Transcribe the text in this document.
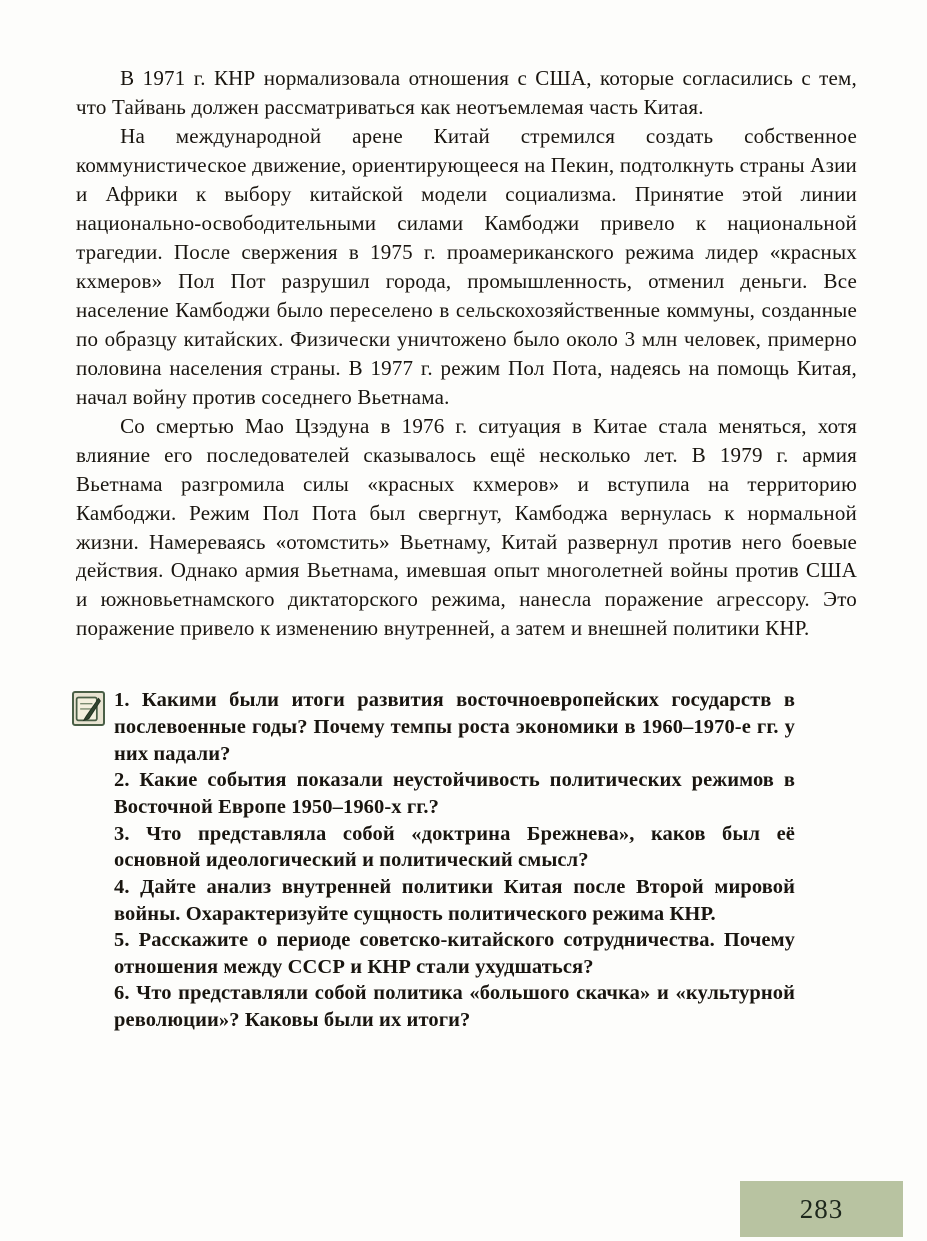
В 1971 г. КНР нормализовала отношения с США, которые согласились с тем, что Тайвань должен рассматриваться как неотъемлемая часть Китая.

На международной арене Китай стремился создать собственное коммунистическое движение, ориентирующееся на Пекин, подтолкнуть страны Азии и Африки к выбору китайской модели социализма. Принятие этой линии национально-освободительными силами Камбоджи привело к национальной трагедии. После свержения в 1975 г. проамериканского режима лидер «красных кхмеров» Пол Пот разрушил города, промышленность, отменил деньги. Все население Камбоджи было переселено в сельскохозяйственные коммуны, созданные по образцу китайских. Физически уничтожено было около 3 млн человек, примерно половина населения страны. В 1977 г. режим Пол Пота, надеясь на помощь Китая, начал войну против соседнего Вьетнама.

Со смертью Мао Цзэдуна в 1976 г. ситуация в Китае стала меняться, хотя влияние его последователей сказывалось ещё несколько лет. В 1979 г. армия Вьетнама разгромила силы «красных кхмеров» и вступила на территорию Камбоджи. Режим Пол Пота был свергнут, Камбоджа вернулась к нормальной жизни. Намереваясь «отомстить» Вьетнаму, Китай развернул против него боевые действия. Однако армия Вьетнама, имевшая опыт многолетней войны против США и южновьетнамского диктаторского режима, нанесла поражение агрессору. Это поражение привело к изменению внутренней, а затем и внешней политики КНР.

1. Какими были итоги развития восточноевропейских государств в послевоенные годы? Почему темпы роста экономики в 1960–1970-е гг. у них падали?

2. Какие события показали неустойчивость политических режимов в Восточной Европе 1950–1960-х гг.?

3. Что представляла собой «доктрина Брежнева», каков был её основной идеологический и политический смысл?

4. Дайте анализ внутренней политики Китая после Второй мировой войны. Охарактеризуйте сущность политического режима КНР.

5. Расскажите о периоде советско-китайского сотрудничества. Почему отношения между СССР и КНР стали ухудшаться?

6. Что представляли собой политика «большого скачка» и «культурной революции»? Каковы были их итоги?

283
